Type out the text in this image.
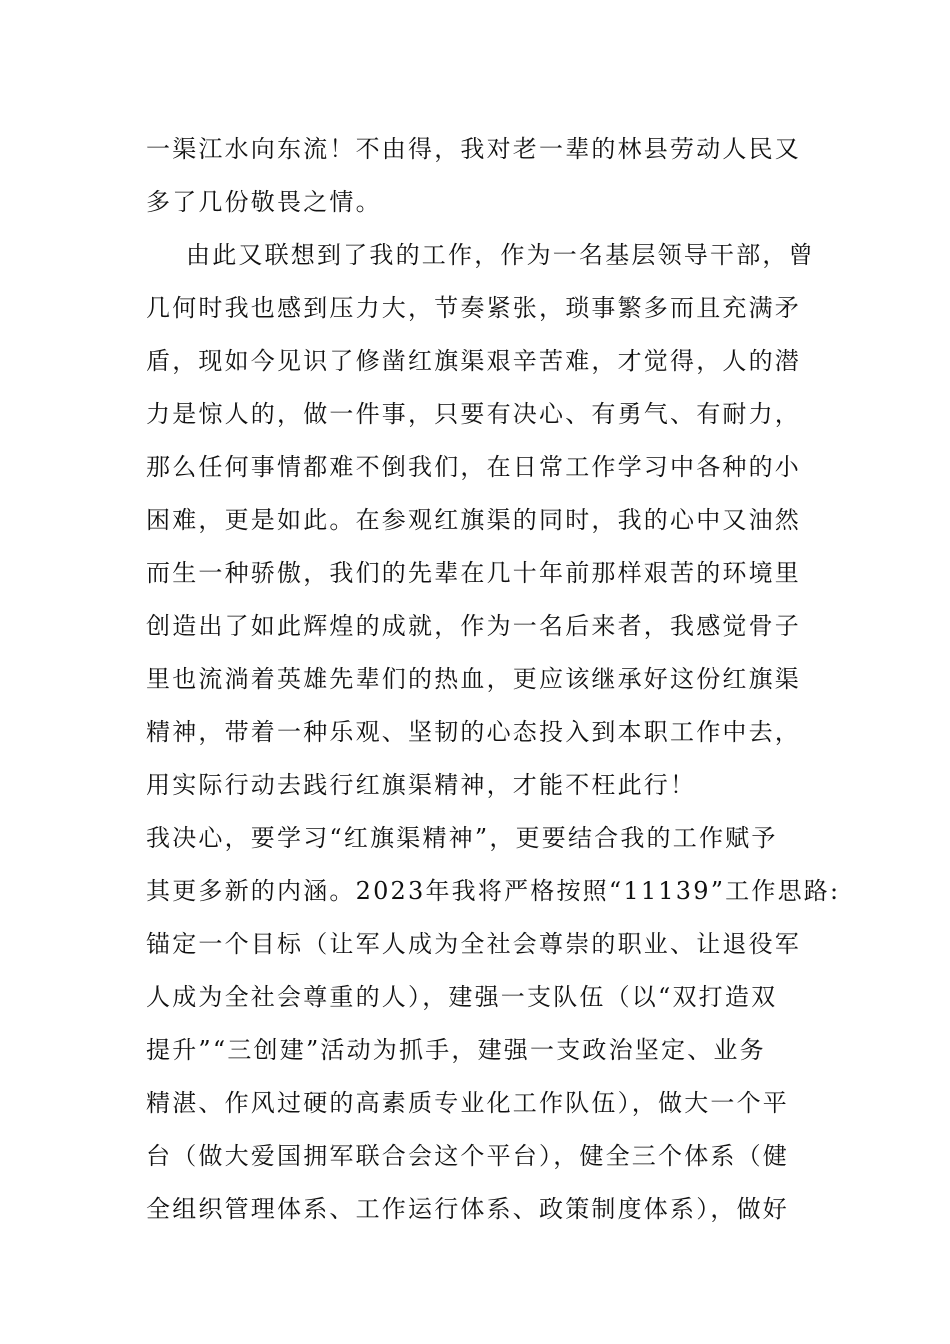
一渠江水向东流！不由得，我对老一辈的林县劳动人民又
多了几份敬畏之情。
由此又联想到了我的工作，作为一名基层领导干部，曾
几何时我也感到压力大，节奏紧张，琐事繁多而且充满矛
盾，现如今见识了修凿红旗渠艰辛苦难，才觉得，人的潜
力是惊人的，做一件事，只要有决心、有勇气、有耐力，
那么任何事情都难不倒我们，在日常工作学习中各种的小
困难，更是如此。在参观红旗渠的同时，我的心中又油然
而生一种骄傲，我们的先辈在几十年前那样艰苦的环境里
创造出了如此辉煌的成就，作为一名后来者，我感觉骨子
里也流淌着英雄先辈们的热血，更应该继承好这份红旗渠
精神，带着一种乐观、坚韧的心态投入到本职工作中去，
用实际行动去践行红旗渠精神，才能不枉此行！
我决心，要学习“红旗渠精神”，更要结合我的工作赋予
其更多新的内涵。2023年我将严格按照“11139”工作思路:
锚定一个目标（让军人成为全社会尊崇的职业、让退役军
人成为全社会尊重的人），建强一支队伍（以“双打造双
提升”“三创建”活动为抓手，建强一支政治坚定、业务
精湛、作风过硬的高素质专业化工作队伍），做大一个平
台（做大爱国拥军联合会这个平台），健全三个体系（健
全组织管理体系、工作运行体系、政策制度体系），做好
